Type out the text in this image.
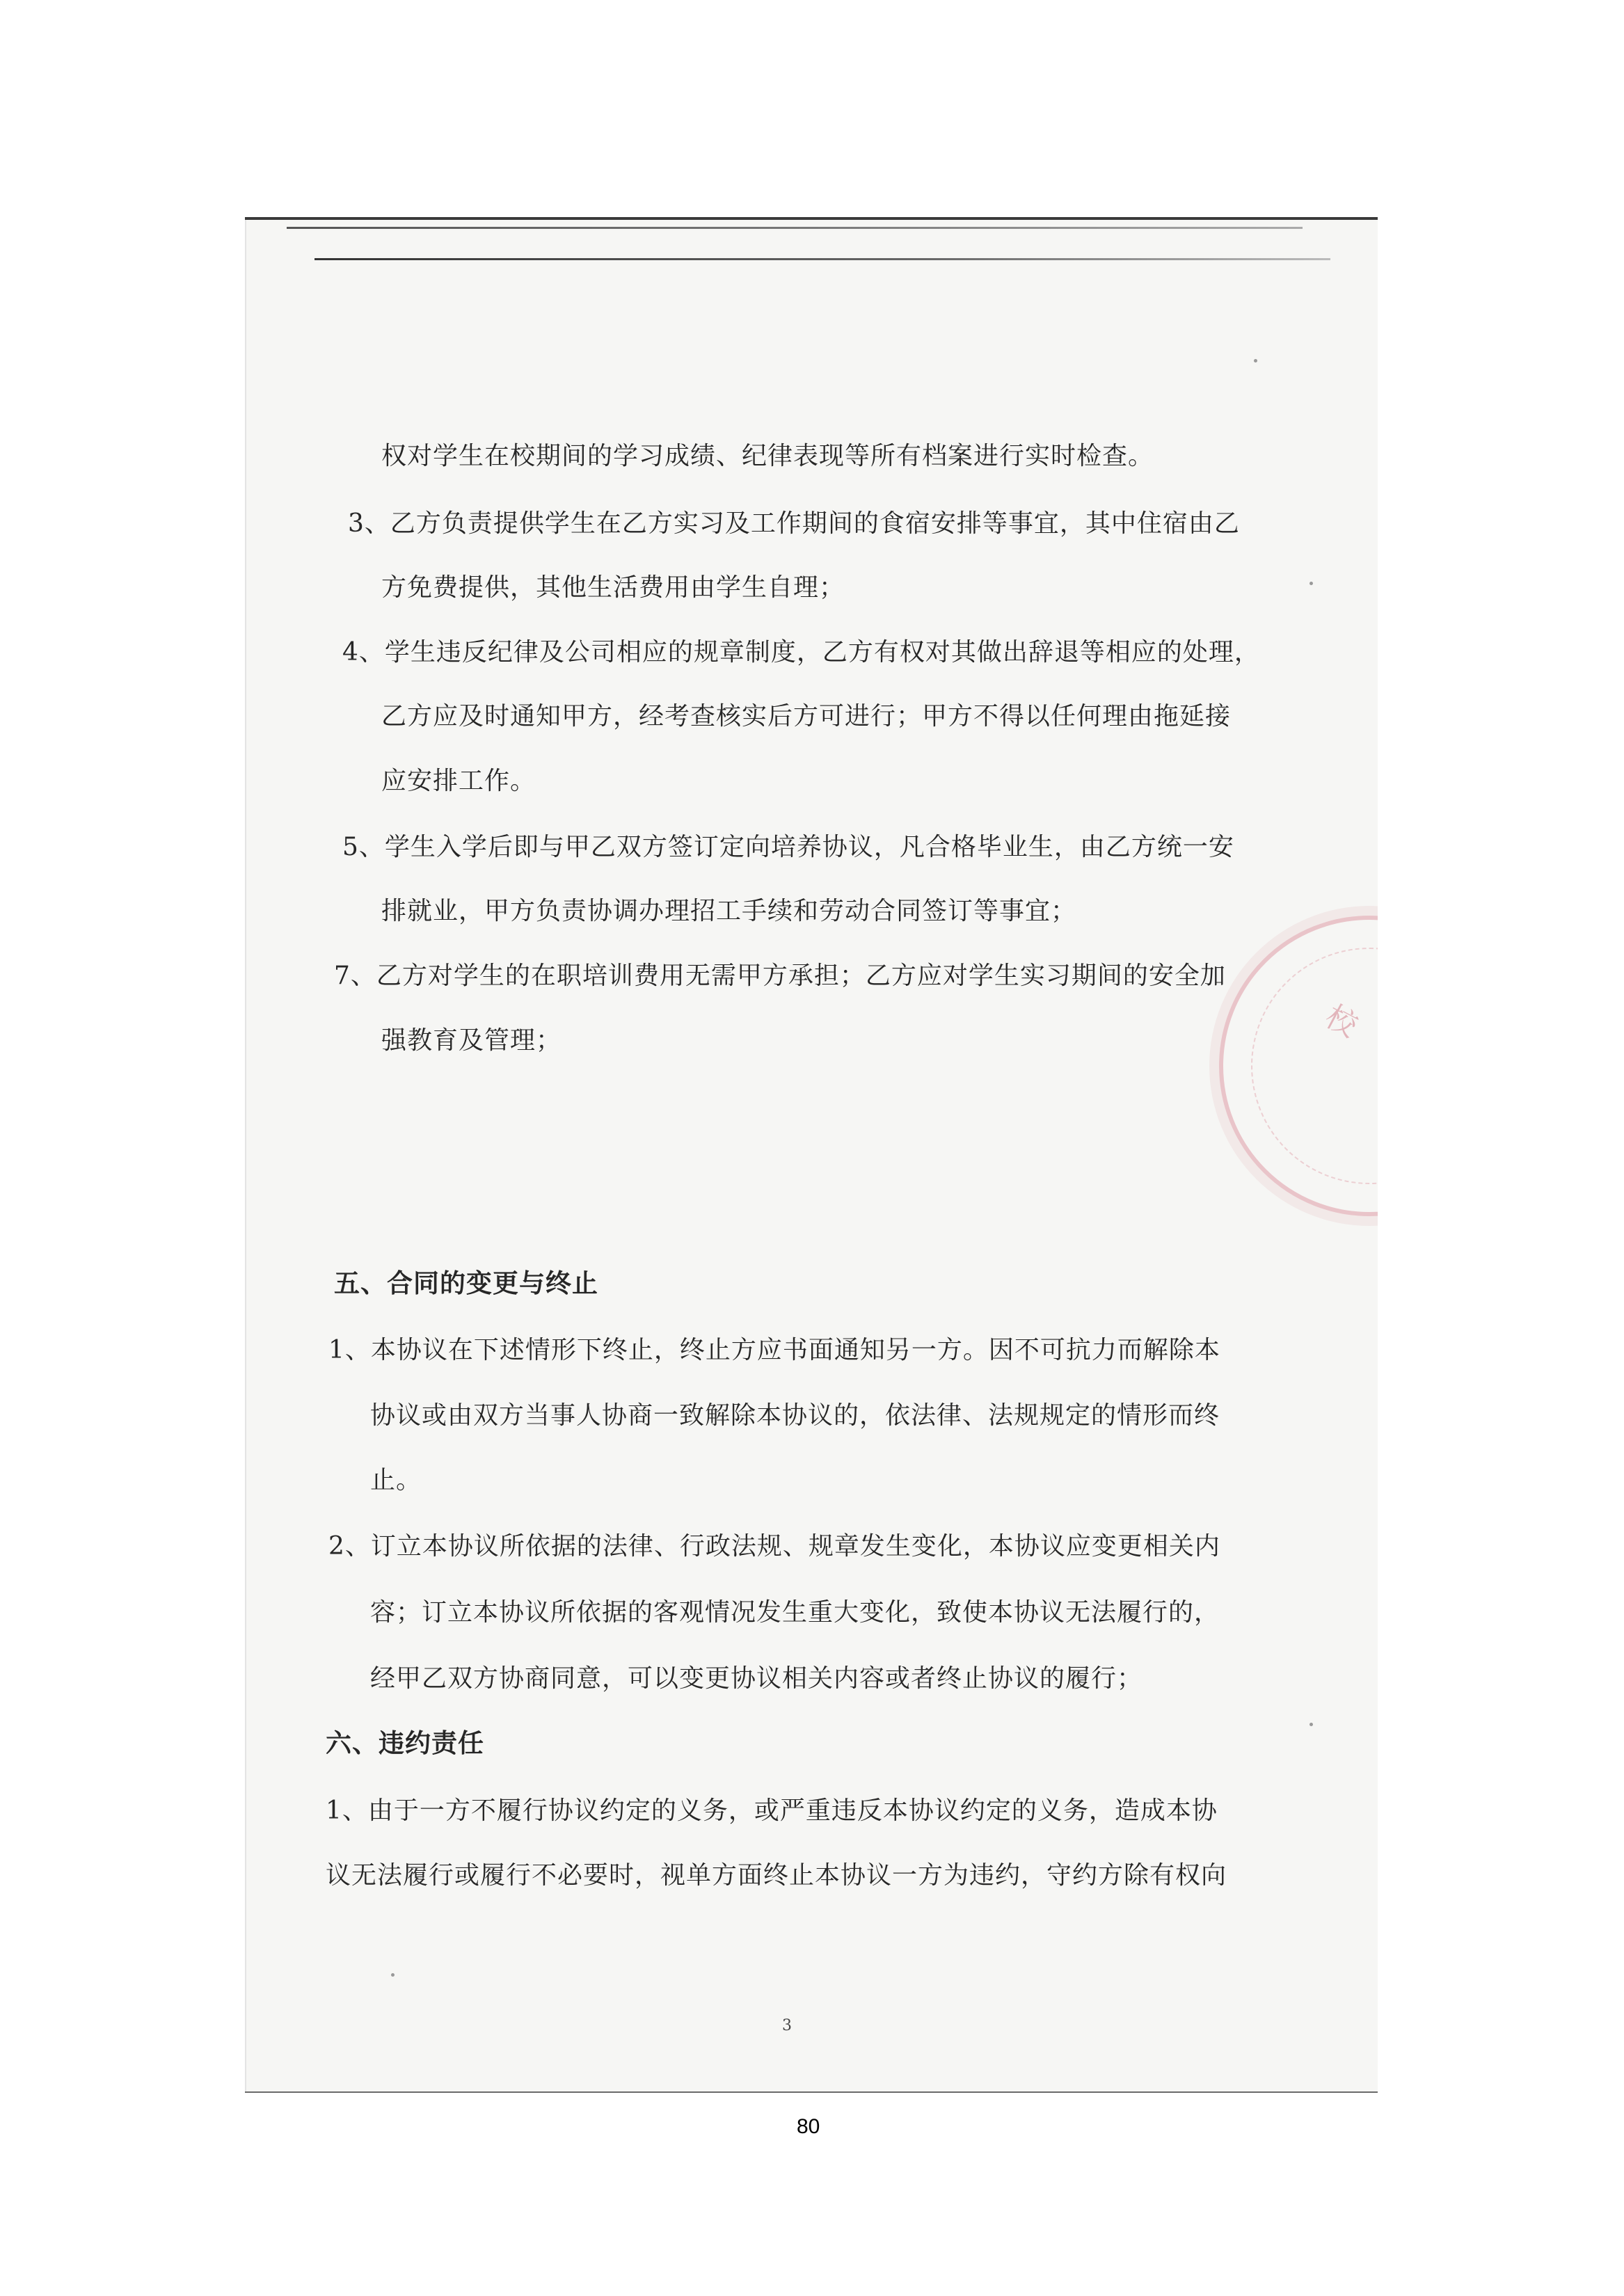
校
权对学生在校期间的学习成绩、纪律表现等所有档案进行实时检查。
3、乙方负责提供学生在乙方实习及工作期间的食宿安排等事宜，其中住宿由乙
方免费提供，其他生活费用由学生自理；
4、学生违反纪律及公司相应的规章制度，乙方有权对其做出辞退等相应的处理，
乙方应及时通知甲方，经考查核实后方可进行；甲方不得以任何理由拖延接
应安排工作。
5、学生入学后即与甲乙双方签订定向培养协议，凡合格毕业生，由乙方统一安
排就业，甲方负责协调办理招工手续和劳动合同签订等事宜；
7、乙方对学生的在职培训费用无需甲方承担；乙方应对学生实习期间的安全加
强教育及管理；
五、合同的变更与终止
1、本协议在下述情形下终止，终止方应书面通知另一方。因不可抗力而解除本
协议或由双方当事人协商一致解除本协议的，依法律、法规规定的情形而终
止。
2、订立本协议所依据的法律、行政法规、规章发生变化，本协议应变更相关内
容；订立本协议所依据的客观情况发生重大变化，致使本协议无法履行的，
经甲乙双方协商同意，可以变更协议相关内容或者终止协议的履行；
六、违约责任
1、由于一方不履行协议约定的义务，或严重违反本协议约定的义务，造成本协
议无法履行或履行不必要时，视单方面终止本协议一方为违约，守约方除有权向
3
80
